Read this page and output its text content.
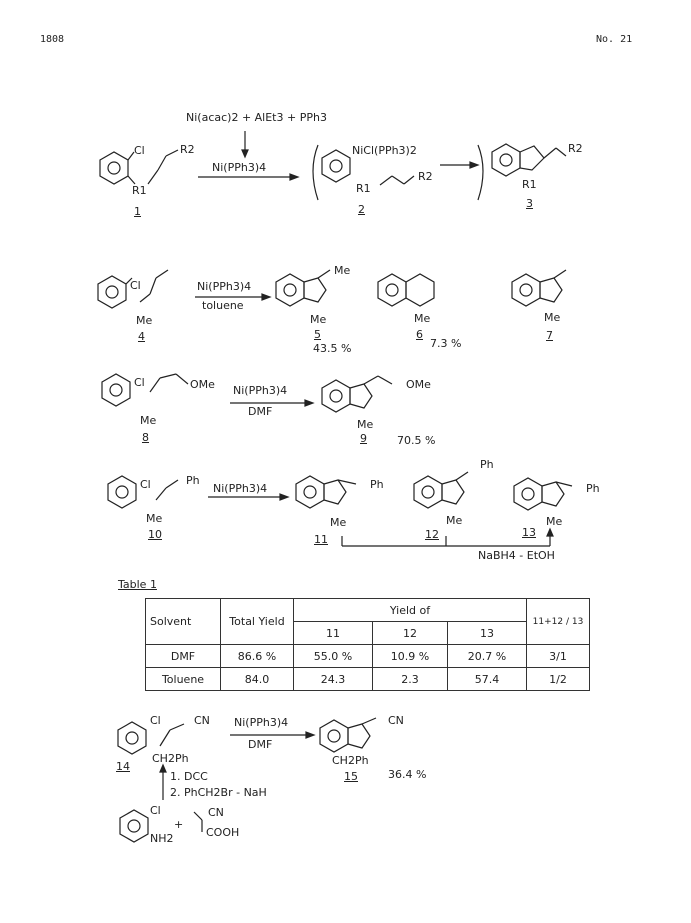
1808	No. 21
Ni(acac)2 + AlEt3 + PPh3
Ni(PPh3)4
Cl	R2
R1
1
NiCl(PPh3)2
R1
R2
2
R2
R1
3
Ni(PPh3)4
toluene
Cl
Me
4
Me
Me
5
43.5 %
Me
6
7.3 %
Me
7
Ni(PPh3)4
DMF
Cl	OMe
Me
8
OMe
Me
9	70.5 %
Ni(PPh3)4
Cl	Ph
Me
10
Ph
Me
11
Ph
Me
12
Ph
Me
13
NaBH4 - EtOH
Table 1
Solvent	Total Yield	Yield of			11+12 / 13
		11	12	13	
DMF	86.6 %	55.0 %	10.9 %	20.7 %	3/1
Toluene	84.0	24.3	2.3	57.4	1/2
Ni(PPh3)4
DMF
Cl	CN
CH2Ph
14
CN
CH2Ph
15	36.4 %
1. DCC
2. PhCH2Br - NaH
Cl
NH2
+
CN
COOH
